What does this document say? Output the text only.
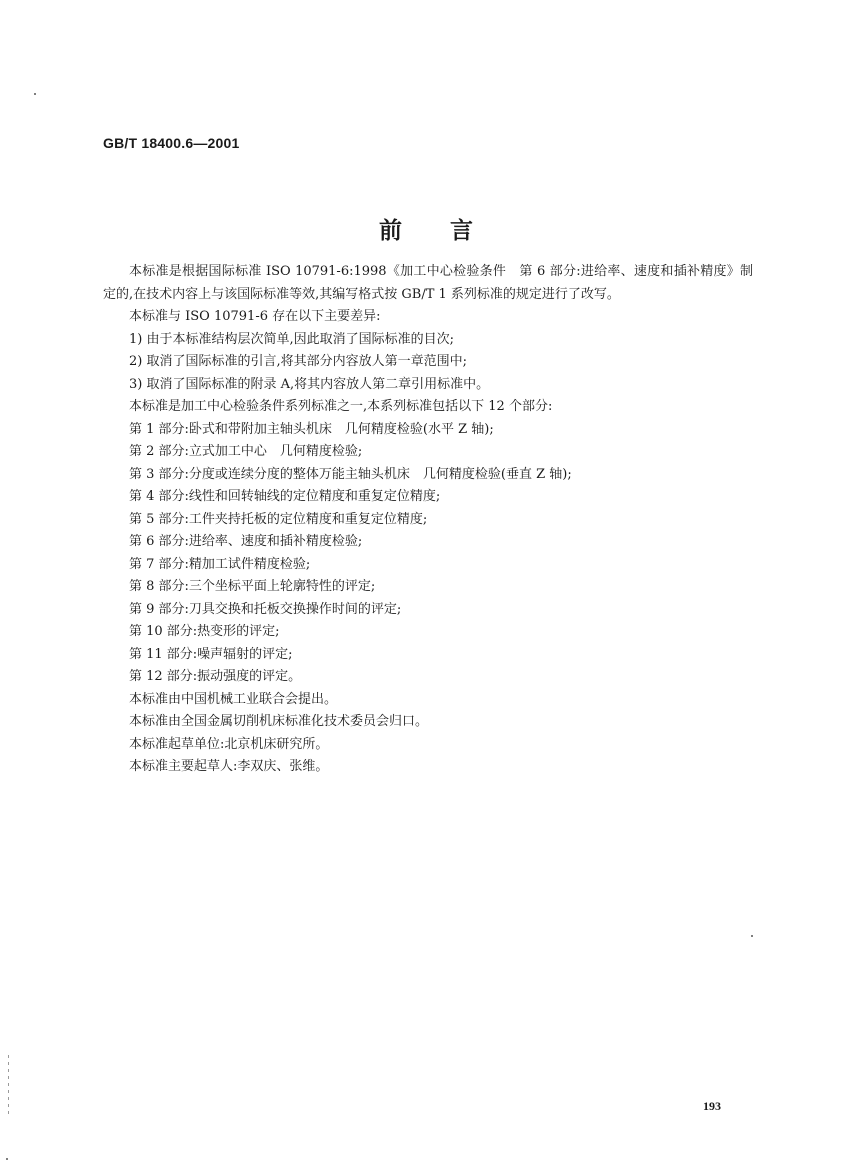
GB/T 18400.6—2001
前言

本标准是根据国际标准 ISO 10791-6:1998《加工中心检验条件　第 6 部分:进给率、速度和插补精度》制定的,在技术内容上与该国际标准等效,其编写格式按 GB/T 1 系列标准的规定进行了改写。

本标准与 ISO 10791-6 存在以下主要差异:

1) 由于本标准结构层次简单,因此取消了国际标准的目次;

2) 取消了国际标准的引言,将其部分内容放人第一章范围中;

3) 取消了国际标准的附录 A,将其内容放人第二章引用标准中。

本标准是加工中心检验条件系列标准之一,本系列标准包括以下 12 个部分:

第 1 部分:卧式和带附加主轴头机床　几何精度检验(水平 Z 轴);

第 2 部分:立式加工中心　几何精度检验;

第 3 部分:分度或连续分度的整体万能主轴头机床　几何精度检验(垂直 Z 轴);

第 4 部分:线性和回转轴线的定位精度和重复定位精度;

第 5 部分:工件夹持托板的定位精度和重复定位精度;

第 6 部分:进给率、速度和插补精度检验;

第 7 部分:精加工试件精度检验;

第 8 部分:三个坐标平面上轮廓特性的评定;

第 9 部分:刀具交换和托板交换操作时间的评定;

第 10 部分:热变形的评定;

第 11 部分:噪声辐射的评定;

第 12 部分:振动强度的评定。

本标准由中国机械工业联合会提出。

本标准由全国金属切削机床标准化技术委员会归口。

本标准起草单位:北京机床研究所。

本标准主要起草人:李双庆、张维。

193
